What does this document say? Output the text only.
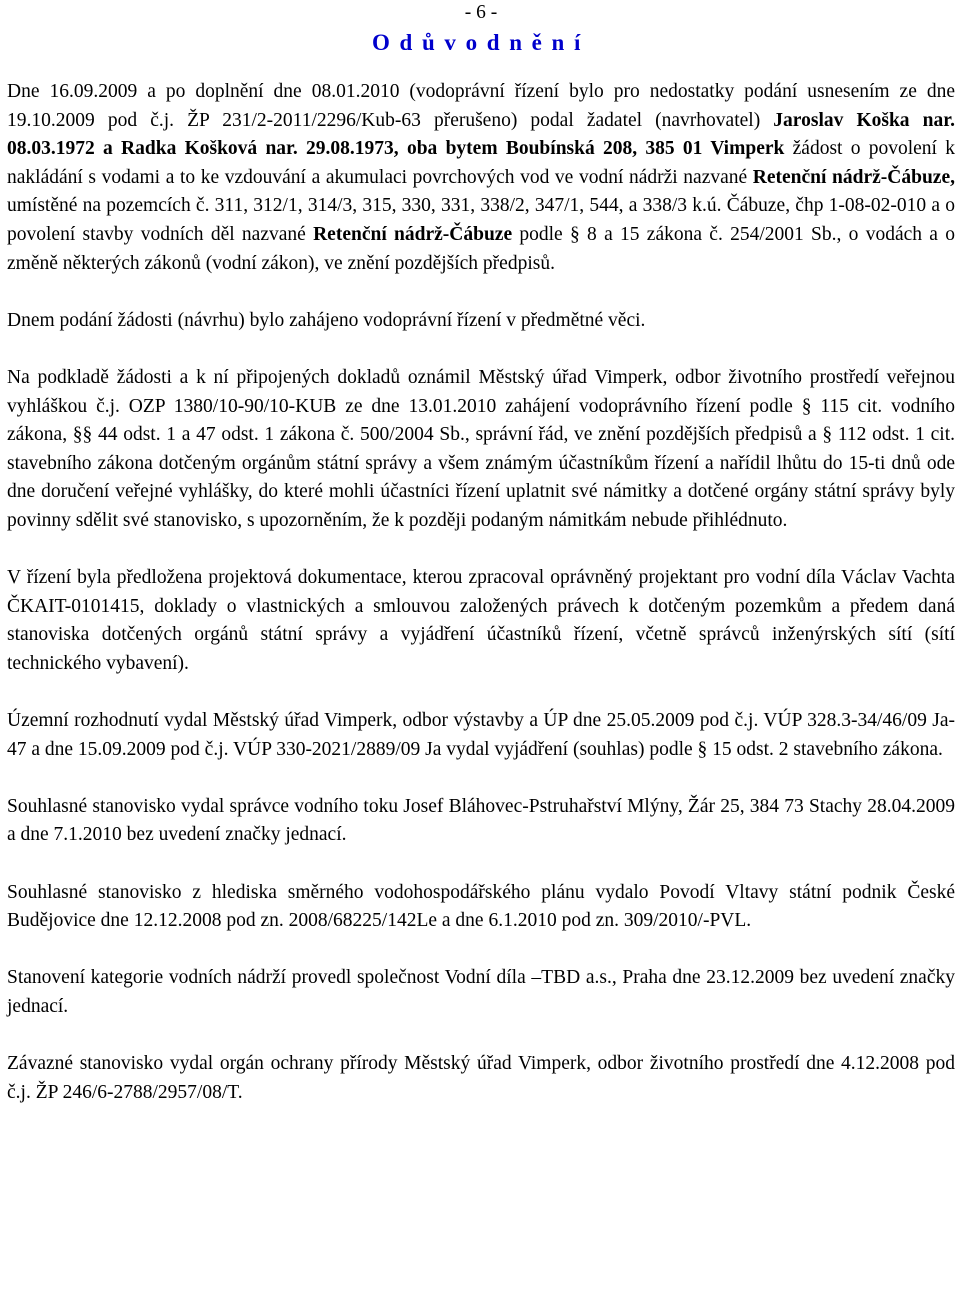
- 6 -
Odůvodnění

Dne 16.09.2009 a po doplnění dne 08.01.2010 (vodoprávní řízení bylo pro nedostatky podání usnesením ze dne 19.10.2009 pod č.j. ŽP 231/2-2011/2296/Kub-63 přerušeno) podal žadatel (navrhovatel) Jaroslav Koška nar. 08.03.1972 a Radka Košková nar. 29.08.1973, oba bytem Boubínská 208, 385 01 Vimperk žádost o povolení k nakládání s vodami a to ke vzdouvání a akumulaci povrchových vod ve vodní nádrži nazvané Retenční nádrž-Čábuze, umístěné na pozemcích č. 311, 312/1, 314/3, 315, 330, 331, 338/2, 347/1, 544, a 338/3 k.ú. Čábuze, čhp 1-08-02-010 a o povolení stavby vodních děl nazvané Retenční nádrž-Čábuze podle § 8 a 15 zákona č. 254/2001 Sb., o vodách a o změně některých zákonů (vodní zákon), ve znění pozdějších předpisů.

Dnem podání žádosti (návrhu) bylo zahájeno vodoprávní řízení v předmětné věci.

Na podkladě žádosti a k ní připojených dokladů oznámil Městský úřad Vimperk, odbor životního prostředí veřejnou vyhláškou č.j. OZP 1380/10-90/10-KUB ze dne 13.01.2010 zahájení vodoprávního řízení podle § 115 cit. vodního zákona, §§ 44 odst. 1 a 47 odst. 1 zákona č. 500/2004 Sb., správní řád, ve znění pozdějších předpisů a § 112 odst. 1 cit. stavebního zákona dotčeným orgánům státní správy a všem známým účastníkům řízení a nařídil lhůtu do 15-ti dnů ode dne doručení veřejné vyhlášky, do které mohli účastníci řízení uplatnit své námitky a dotčené orgány státní správy byly povinny sdělit své stanovisko, s upozorněním, že k později podaným námitkám nebude přihlédnuto.

V řízení byla předložena projektová dokumentace, kterou zpracoval oprávněný projektant pro vodní díla Václav Vachta ČKAIT-0101415, doklady o vlastnických a smlouvou založených právech k dotčeným pozemkům a předem daná stanoviska dotčených orgánů státní správy a vyjádření účastníků řízení, včetně správců inženýrských sítí (sítí technického vybavení).

Územní rozhodnutí vydal Městský úřad Vimperk, odbor výstavby a ÚP dne 25.05.2009 pod č.j. VÚP 328.3-34/46/09 Ja-47 a dne 15.09.2009 pod č.j. VÚP 330-2021/2889/09 Ja vydal vyjádření (souhlas) podle § 15 odst. 2 stavebního zákona.

Souhlasné stanovisko vydal správce vodního toku Josef Bláhovec-Pstruhařství Mlýny, Žár 25, 384 73 Stachy 28.04.2009 a dne 7.1.2010 bez uvedení značky jednací.

Souhlasné stanovisko z hlediska směrného vodohospodářského plánu vydalo Povodí Vltavy státní podnik České Budějovice dne 12.12.2008 pod zn. 2008/68225/142Le a dne 6.1.2010 pod zn. 309/2010/-PVL.

Stanovení kategorie vodních nádrží provedl společnost Vodní díla –TBD a.s., Praha dne 23.12.2009 bez uvedení značky jednací.

Závazné stanovisko vydal orgán ochrany přírody Městský úřad Vimperk, odbor životního prostředí dne 4.12.2008 pod č.j. ŽP 246/6-2788/2957/08/T.
